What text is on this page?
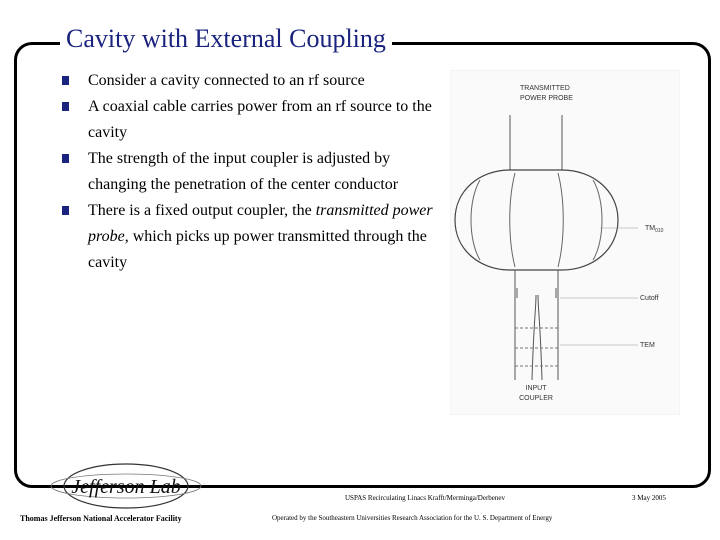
Cavity with External Coupling
Consider a cavity connected to an rf source
A coaxial cable carries power from an rf source to the cavity
The strength of the input coupler is adjusted by changing the penetration of the center conductor
There is a fixed output coupler, the transmitted power probe, which picks up power transmitted through the cavity
TRANSMITTED
POWER PROBE
$TM_{010}$
Cutoff
TEM
INPUT
COUPLER
Jefferson Lab
Thomas Jefferson National Accelerator Facility
USPAS Recirculating Linacs Krafft/Merminga/Derbenev	3 May 2005
Operated by the Southeastern Universities Research Association for the U. S. Department of Energy
